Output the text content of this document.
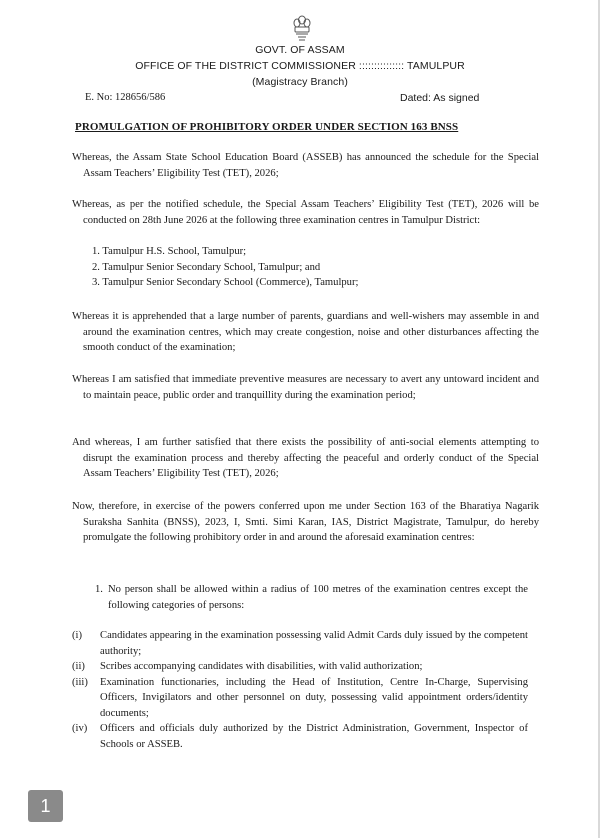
GOVT. OF ASSAM
OFFICE OF THE DISTRICT COMMISSIONER ::::::::::::::: TAMULPUR
(Magistracy Branch)
E. No: 128656/586	Dated: As signed
PROMULGATION OF PROHIBITORY ORDER UNDER SECTION 163 BNSS
Whereas, the Assam State School Education Board (ASSEB) has announced the schedule for the Special Assam Teachers’ Eligibility Test (TET), 2026;
Whereas, as per the notified schedule, the Special Assam Teachers’ Eligibility Test (TET), 2026 will be conducted on 28th June 2026 at the following three examination centres in Tamulpur District:
1. Tamulpur H.S. School, Tamulpur;
2. Tamulpur Senior Secondary School, Tamulpur; and
3. Tamulpur Senior Secondary School (Commerce), Tamulpur;
Whereas it is apprehended that a large number of parents, guardians and well-wishers may assemble in and around the examination centres, which may create congestion, noise and other disturbances affecting the smooth conduct of the examination;
Whereas I am satisfied that immediate preventive measures are necessary to avert any untoward incident and to maintain peace, public order and tranquillity during the examination period;
And whereas, I am further satisfied that there exists the possibility of anti-social elements attempting to disrupt the examination process and thereby affecting the peaceful and orderly conduct of the Special Assam Teachers’ Eligibility Test (TET), 2026;
Now, therefore, in exercise of the powers conferred upon me under Section 163 of the Bharatiya Nagarik Suraksha Sanhita (BNSS), 2023, I, Smti. Simi Karan, IAS, District Magistrate, Tamulpur, do hereby promulgate the following prohibitory order in and around the aforesaid examination centres:
1. No person shall be allowed within a radius of 100 metres of the examination centres except the following categories of persons:
(i)	Candidates appearing in the examination possessing valid Admit Cards duly issued by the competent authority;
(ii)	Scribes accompanying candidates with disabilities, with valid authorization;
(iii)	Examination functionaries, including the Head of Institution, Centre In-Charge, Supervising Officers, Invigilators and other personnel on duty, possessing valid appointment orders/identity documents;
(iv)	Officers and officials duly authorized by the District Administration, Government, Inspector of Schools or ASSEB.
1
